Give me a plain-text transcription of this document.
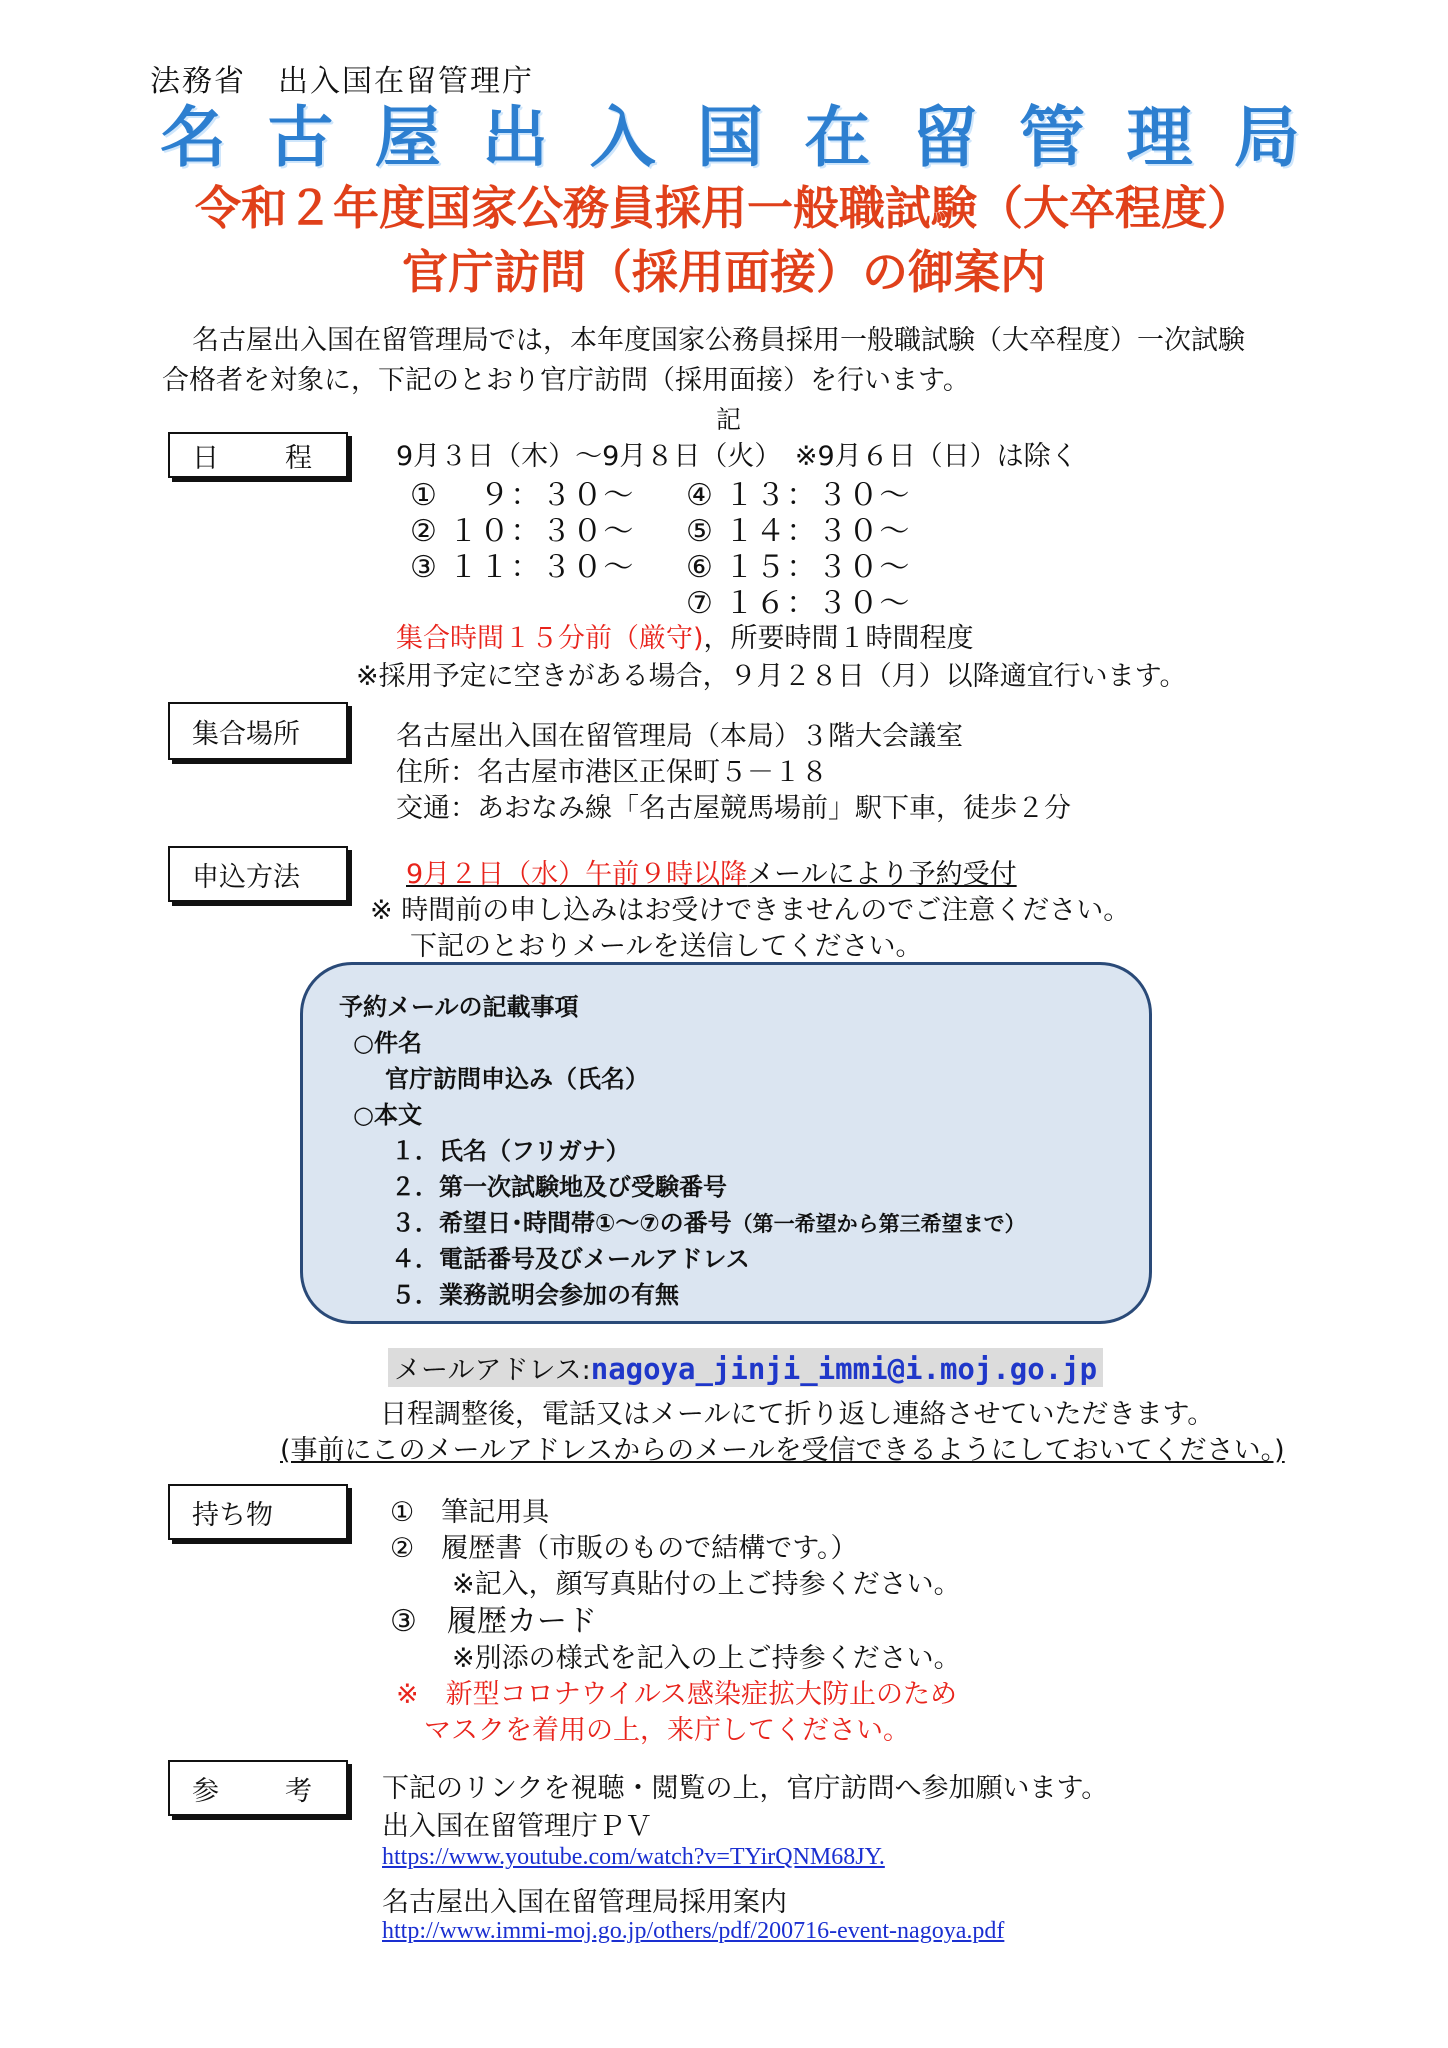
法務省　出入国在留管理庁
名 古 屋 出 入 国 在 留 管 理 局
令和２年度国家公務員採用一般職試験（大卒程度）
官庁訪問（採用面接）の御案内
名古屋出入国在留管理局では，本年度国家公務員採用一般職試験（大卒程度）一次試験
合格者を対象に，下記のとおり官庁訪問（採用面接）を行います。
記
日 程	9月３日（木）～9月８日（火）　※9月６日（日）は除く
①　 ９：３０～
② １０：３０～
③ １１：３０～
④ １３：３０～
⑤ １４：３０～
⑥ １５：３０～
⑦ １６：３０～
集合時間１５分前（厳守)，所要時間１時間程度
※採用予定に空きがある場合，９月２８日（月）以降適宜行います。
集合場所	名古屋出入国在留管理局（本局）３階大会議室
住所：名古屋市港区正保町５－１８
交通：あおなみ線「名古屋競馬場前」駅下車，徒歩２分
申込方法	9月２日（水）午前９時以降メールにより予約受付
※ 時間前の申し込みはお受けできませんのでご注意ください。
下記のとおりメールを送信してください。
予約メールの記載事項
○件名
官庁訪問申込み（氏名）
○本文
１．氏名（フリガナ）
２．第一次試験地及び受験番号
３．希望日･時間帯①～⑦の番号（第一希望から第三希望まで）
４．電話番号及びメールアドレス
５．業務説明会参加の有無
メールアドレス:nagoya_jinji_immi@i.moj.go.jp
日程調整後，電話又はメールにて折り返し連絡させていただきます。
(事前にこのメールアドレスからのメールを受信できるようにしておいてください。)
持ち物	①　筆記用具
②　履歴書（市販のもので結構です。）
※記入，顔写真貼付の上ご持参ください。
③　履歴カード
※別添の様式を記入の上ご持参ください。
※　新型コロナウイルス感染症拡大防止のため
マスクを着用の上，来庁してください。
参 考	下記のリンクを視聴・閲覧の上，官庁訪問へ参加願います。
出入国在留管理庁ＰＶ
https://www.youtube.com/watch?v=TYirQNM68JY.
名古屋出入国在留管理局採用案内
http://www.immi-moj.go.jp/others/pdf/200716-event-nagoya.pdf
